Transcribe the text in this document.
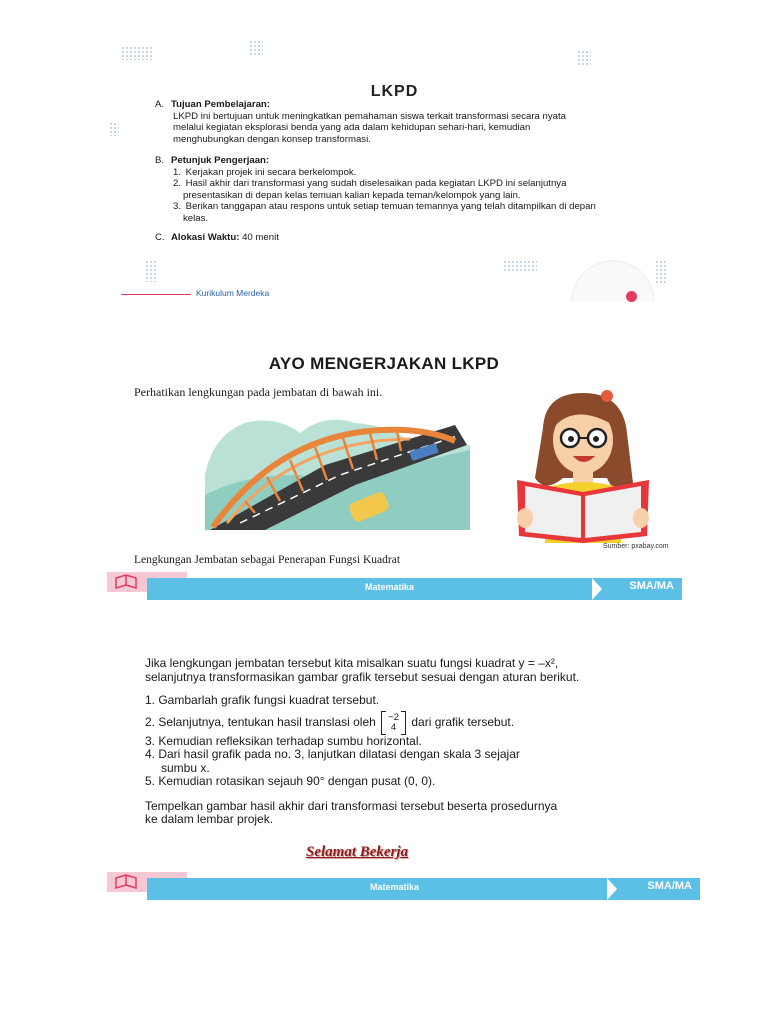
LKPD
A. Tujuan Pembelajaran:
LKPD ini bertujuan untuk meningkatkan pemahaman siswa terkait transformasi secara nyata
melalui kegiatan eksplorasi benda yang ada dalam kehidupan sehari-hari, kemudian
menghubungkan dengan konsep transformasi.
B. Petunjuk Pengerjaan:
1. Kerjakan projek ini secara berkelompok.
2. Hasil akhir dari transformasi yang sudah diselesaikan pada kegiatan LKPD ini selanjutnya
presentasikan di depan kelas temuan kalian kepada teman/kelompok yang lain.
3. Berikan tanggapan atau respons untuk setiap temuan temannya yang telah ditampilkan di depan
kelas.
C. Alokasi Waktu: 40 menit
Kurikulum Merdeka
AYO MENGERJAKAN LKPD
Perhatikan lengkungan pada jembatan di bawah ini.
Sumber: pxabay.com
Lengkungan Jembatan sebagai Penerapan Fungsi Kuadrat
Matematika	SMA/MA

Jika lengkungan jembatan tersebut kita misalkan suatu fungsi kuadrat y = –x²,

selanjutnya transformasikan gambar grafik tersebut sesuai dengan aturan berikut.

1. Gambarlah grafik fungsi kuadrat tersebut.
2. Selanjutnya, tentukan hasil translasi oleh −2
4 dari grafik tersebut.
3. Kemudian refleksikan terhadap sumbu horizontal.
4. Dari hasil grafik pada no. 3, lanjutkan dilatasi dengan skala 3 sejajar
sumbu x.
5. Kemudian rotasikan sejauh 90° dengan pusat (0, 0).

Tempelkan gambar hasil akhir dari transformasi tersebut beserta prosedurnya

ke dalam lembar projek.

Selamat Bekerja
Matematika	SMA/MA
